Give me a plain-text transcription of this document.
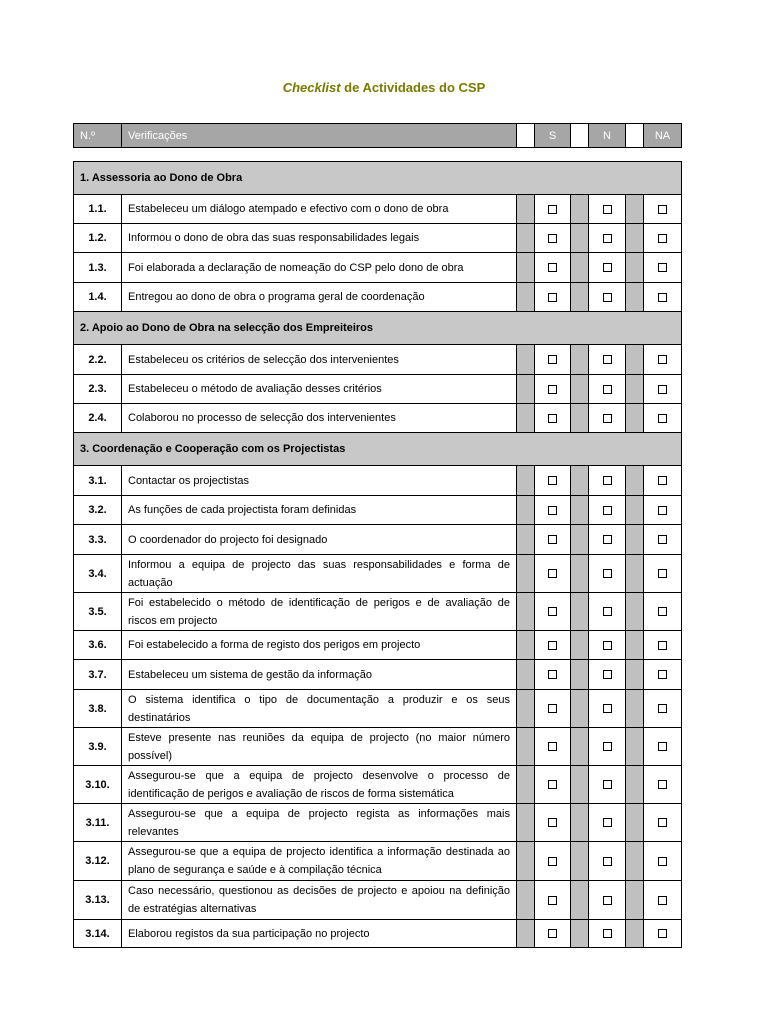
Checklist de Actividades do CSP
N.º	Verificações		S		N		NA
1. Assessoria ao Dono de Obra							
1.1.	Estabeleceu um diálogo atempado e efectivo com o dono de obra						
1.2.	Informou o dono de obra das suas responsabilidades legais						
1.3.	Foi elaborada a declaração de nomeação do CSP pelo dono de obra						
1.4.	Entregou ao dono de obra o programa geral de coordenação						
2. Apoio ao Dono de Obra na selecção dos Empreiteiros							
2.2.	Estabeleceu os critérios de selecção dos intervenientes						
2.3.	Estabeleceu o método de avaliação desses critérios						
2.4.	Colaborou no processo de selecção dos intervenientes						
3. Coordenação e Cooperação com os Projectistas							
3.1.	Contactar os projectistas						
3.2.	As funções de cada projectista foram definidas						
3.3.	O coordenador do projecto foi designado						
3.4.	Informou a equipa de projecto das suas responsabilidades e forma de actuação						
3.5.	Foi estabelecido o método de identificação de perigos e de avaliação de riscos em projecto						
3.6.	Foi estabelecido a forma de registo dos perigos em projecto						
3.7.	Estabeleceu um sistema de gestão da informação						
3.8.	O sistema identifica o tipo de documentação a produzir e os seus destinatários						
3.9.	Esteve presente nas reuniões da equipa de projecto (no maior número possível)						
3.10.	Assegurou-se que a equipa de projecto desenvolve o processo de identificação de perigos e avaliação de riscos de forma sistemática						
3.11.	Assegurou-se que a equipa de projecto regista as informações mais relevantes						
3.12.	Assegurou-se que a equipa de projecto identifica a informação destinada ao plano de segurança e saúde e à compilação técnica						
3.13.	Caso necessário, questionou as decisões de projecto e apoiou na definição de estratégias alternativas						
3.14.	Elaborou registos da sua participação no projecto						
